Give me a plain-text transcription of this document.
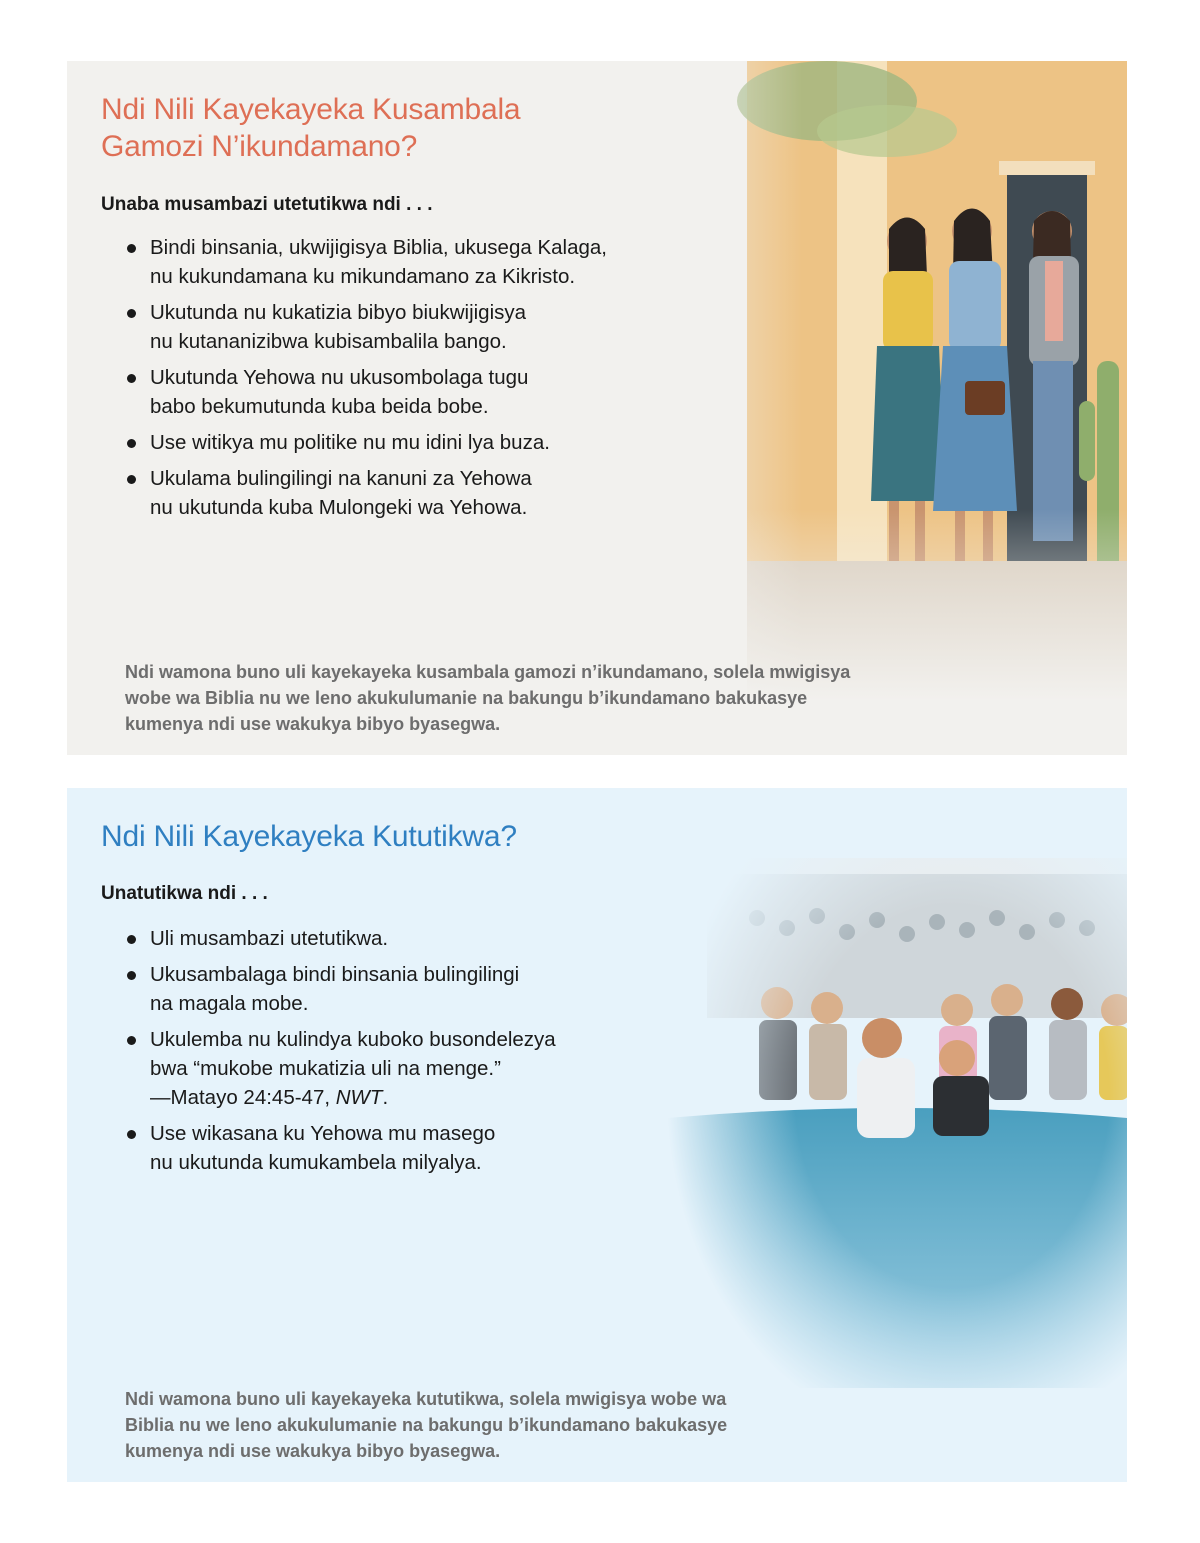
Ndi Nili Kayekayeka Kusambala
Gamozi N’ikundamano?

Unaba musambazi utetutikwa ndi . . .

Bindi binsania, ukwijigisya Biblia, ukusega Kalaga,
nu kukundamana ku mikundamano za Kikristo.
Ukutunda nu kukatizia bibyo biukwijigisya
nu kutananizibwa kubisambalila bango.
Ukutunda Yehowa nu ukusombolaga tugu
babo bekumutunda kuba beida bobe.
Use witikya mu politike nu mu idini lya buza.
Ukulama bulingilingi na kanuni za Yehowa
nu ukutunda kuba Mulongeki wa Yehowa.

Ndi wamona buno uli kayekayeka kusambala gamozi n’ikundamano, solela mwigisya
wobe wa Biblia nu we leno akukulumanie na bakungu b’ikundamano bakukasye
kumenya ndi use wakukya bibyo byasegwa.

Ndi Nili Kayekayeka Kututikwa?

Unatutikwa ndi . . .

Uli musambazi utetutikwa.
Ukusambalaga bindi binsania bulingilingi
na magala mobe.
Ukulemba nu kulindya kuboko busondelezya
bwa “mukobe mukatizia uli na menge.”
—Matayo 24:45-47, NWT.
Use wikasana ku Yehowa mu masego
nu ukutunda kumukambela milyalya.

Ndi wamona buno uli kayekayeka kututikwa, solela mwigisya wobe wa
Biblia nu we leno akukulumanie na bakungu b’ikundamano bakukasye
kumenya ndi use wakukya bibyo byasegwa.
